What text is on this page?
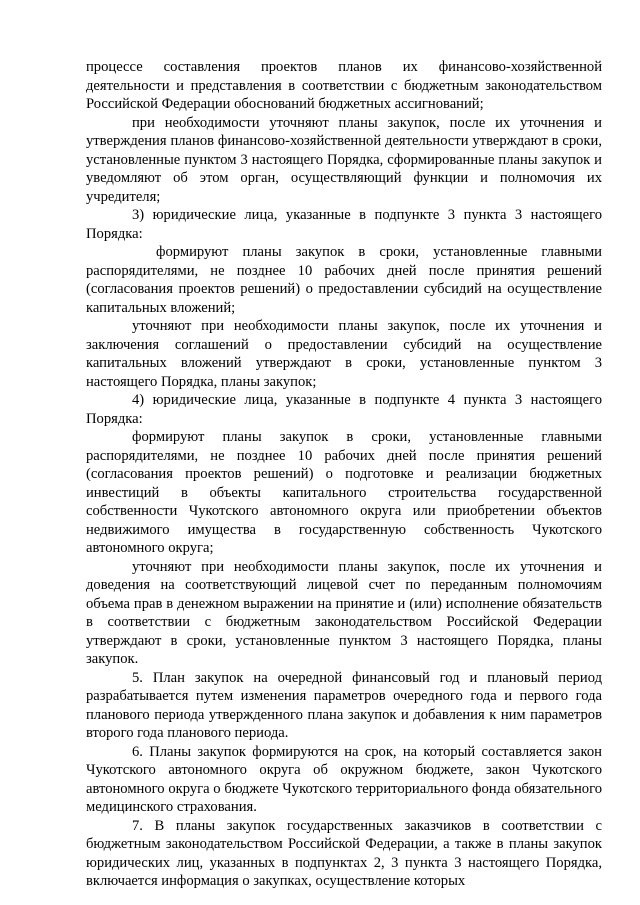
процессе составления проектов планов их финансово-хозяйственной деятельности и представления в соответствии с бюджетным законодательством Российской Федерации обоснований бюджетных ассигнований;

при необходимости уточняют планы закупок, после их уточнения и утверждения планов финансово-хозяйственной деятельности утверждают в сроки, установленные пунктом 3 настоящего Порядка, сформированные планы закупок и уведомляют об этом орган, осуществляющий функции и полномочия их учредителя;

3) юридические лица, указанные в подпункте 3 пункта 3 настоящего Порядка:

формируют планы закупок в сроки, установленные главными распорядителями, не позднее 10 рабочих дней после принятия решений (согласования проектов решений) о предоставлении субсидий на осуществление капитальных вложений;

уточняют при необходимости планы закупок, после их уточнения и заключения соглашений о предоставлении субсидий на осуществление капитальных вложений утверждают в сроки, установленные пунктом 3 настоящего Порядка, планы закупок;

4) юридические лица, указанные в подпункте 4 пункта 3 настоящего Порядка:

формируют планы закупок в сроки, установленные главными распорядителями, не позднее 10 рабочих дней после принятия решений (согласования проектов решений) о подготовке и реализации бюджетных инвестиций в объекты капитального строительства государственной собственности Чукотского автономного округа или приобретении объектов недвижимого имущества в государственную собственность Чукотского автономного округа;

уточняют при необходимости планы закупок, после их уточнения и доведения на соответствующий лицевой счет по переданным полномочиям объема прав в денежном выражении на принятие и (или) исполнение обязательств в соответствии с бюджетным законодательством Российской Федерации утверждают в сроки, установленные пунктом 3 настоящего Порядка, планы закупок.

5. План закупок на очередной финансовый год и плановый период разрабатывается путем изменения параметров очередного года и первого года планового периода утвержденного плана закупок и добавления к ним параметров второго года планового периода.

6. Планы закупок формируются на срок, на который составляется закон Чукотского автономного округа об окружном бюджете, закон Чукотского автономного округа о бюджете Чукотского территориального фонда обязательного медицинского страхования.

7. В планы закупок государственных заказчиков в соответствии с бюджетным законодательством Российской Федерации, а также в планы закупок юридических лиц, указанных в подпунктах 2, 3 пункта 3 настоящего Порядка, включается информация о закупках, осуществление которых
